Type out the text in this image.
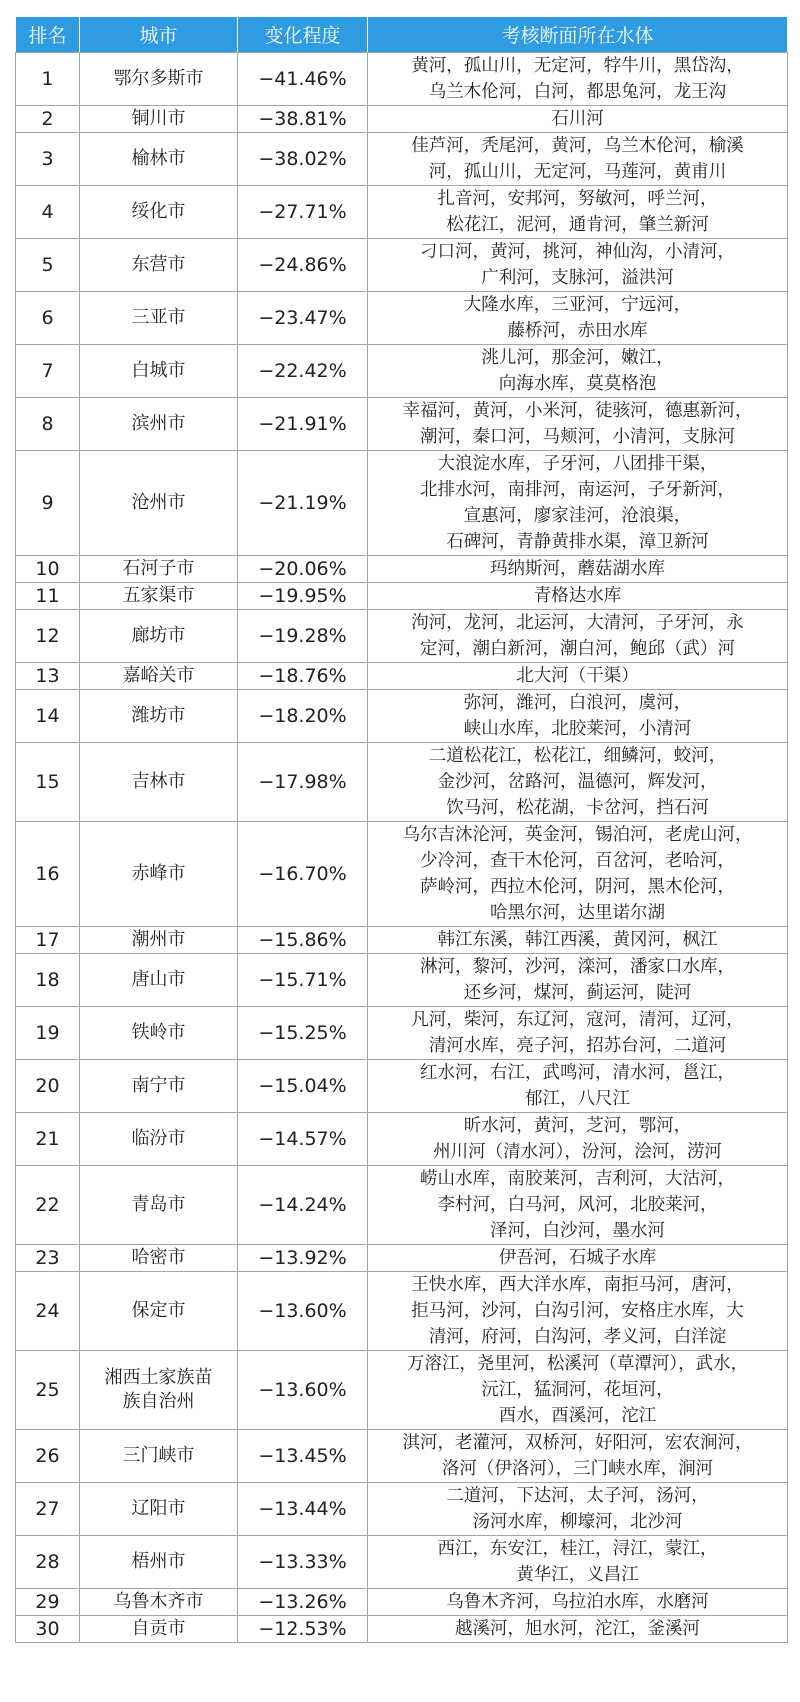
排名	城市	变化程度	考核断面所在水体
1	鄂尔多斯市	−41.46%	黄河，孤山川，无定河，牸牛川，黑岱沟，
乌兰木伦河，白河，都思兔河，龙王沟

2	铜川市	−38.81%	石川河

3	榆林市	−38.02%	佳芦河，秃尾河，黄河，乌兰木伦河，榆溪
河，孤山川，无定河，马莲河，黄甫川

4	绥化市	−27.71%	扎音河，安邦河，努敏河，呼兰河，
松花江，泥河，通肯河，肇兰新河

5	东营市	−24.86%	刁口河，黄河，挑河，神仙沟，小清河，
广利河，支脉河，溢洪河

6	三亚市	−23.47%	大隆水库，三亚河，宁远河，
藤桥河，赤田水库

7	白城市	−22.42%	洮儿河，那金河，嫩江，
向海水库，莫莫格泡

8	滨州市	−21.91%	幸福河，黄河，小米河，徒骇河，德惠新河，
潮河，秦口河，马颊河，小清河，支脉河

9	沧州市	−21.19%	大浪淀水库，子牙河，八团排干渠，
北排水河，南排河，南运河，子牙新河，
宣惠河，廖家洼河，沧浪渠，
石碑河，青静黄排水渠，漳卫新河

10	石河子市	−20.06%	玛纳斯河，蘑菇湖水库

11	五家渠市	−19.95%	青格达水库

12	廊坊市	−19.28%	泃河，龙河，北运河，大清河，子牙河，永
定河，潮白新河，潮白河，鲍邱（武）河

13	嘉峪关市	−18.76%	北大河（干渠）

14	潍坊市	−18.20%	弥河，潍河，白浪河，虞河，
峡山水库，北胶莱河，小清河

15	吉林市	−17.98%	二道松花江，松花江，细鳞河，蛟河，
金沙河，岔路河，温德河，辉发河，
饮马河，松花湖，卡岔河，挡石河

16	赤峰市	−16.70%	乌尔吉沐沦河，英金河，锡泊河，老虎山河，
少冷河，查干木伦河，百岔河，老哈河，
萨岭河，西拉木伦河，阴河，黑木伦河，
哈黑尔河，达里诺尔湖

17	潮州市	−15.86%	韩江东溪，韩江西溪，黄冈河，枫江

18	唐山市	−15.71%	淋河，黎河，沙河，滦河，潘家口水库，
还乡河，煤河，蓟运河，陡河

19	铁岭市	−15.25%	凡河，柴河，东辽河，寇河，清河，辽河，
清河水库，亮子河，招苏台河，二道河

20	南宁市	−15.04%	红水河，右江，武鸣河，清水河，邕江，
郁江，八尺江

21	临汾市	−14.57%	昕水河，黄河，芝河，鄂河，
州川河（清水河），汾河，浍河，涝河

22	青岛市	−14.24%	崂山水库，南胶莱河，吉利河，大沽河，
李村河，白马河，风河，北胶莱河，
泽河，白沙河，墨水河

23	哈密市	−13.92%	伊吾河，石城子水库

24	保定市	−13.60%	王快水库，西大洋水库，南拒马河，唐河，
拒马河，沙河，白沟引河，安格庄水库，大
清河，府河，白沟河，孝义河，白洋淀

25	湘西土家族苗
族自治州	−13.60%	万溶江，尧里河，松溪河（草潭河），武水，
沅江，猛洞河，花垣河，
酉水，酉溪河，沱江

26	三门峡市	−13.45%	淇河，老灌河，双桥河，好阳河，宏农涧河，
洛河（伊洛河），三门峡水库，涧河

27	辽阳市	−13.44%	二道河，下达河，太子河，汤河，
汤河水库，柳壕河，北沙河

28	梧州市	−13.33%	西江，东安江，桂江，浔江，蒙江，
黄华江，义昌江

29	乌鲁木齐市	−13.26%	乌鲁木齐河，乌拉泊水库，水磨河

30	自贡市	−12.53%	越溪河，旭水河，沱江，釜溪河
